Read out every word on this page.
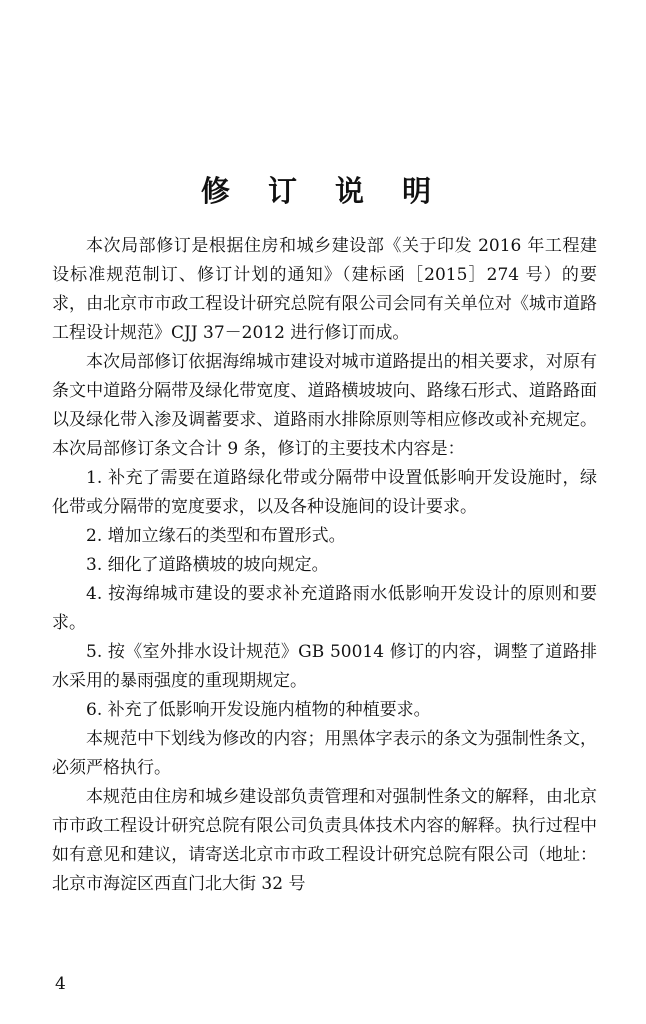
修 订 说 明

本次局部修订是根据住房和城乡建设部《关于印发 2016 年工程建设标准规范制订、修订计划的通知》（建标函［2015］274 号）的要求，由北京市市政工程设计研究总院有限公司会同有关单位对《城市道路工程设计规范》CJJ 37－2012 进行修订而成。

本次局部修订依据海绵城市建设对城市道路提出的相关要求，对原有条文中道路分隔带及绿化带宽度、道路横坡坡向、路缘石形式、道路路面以及绿化带入渗及调蓄要求、道路雨水排除原则等相应修改或补充规定。本次局部修订条文合计 9 条，修订的主要技术内容是：

1. 补充了需要在道路绿化带或分隔带中设置低影响开发设施时，绿化带或分隔带的宽度要求，以及各种设施间的设计要求。

2. 增加立缘石的类型和布置形式。

3. 细化了道路横坡的坡向规定。

4. 按海绵城市建设的要求补充道路雨水低影响开发设计的原则和要求。

5. 按《室外排水设计规范》GB 50014 修订的内容，调整了道路排水采用的暴雨强度的重现期规定。

6. 补充了低影响开发设施内植物的种植要求。

本规范中下划线为修改的内容；用黑体字表示的条文为强制性条文，必须严格执行。

本规范由住房和城乡建设部负责管理和对强制性条文的解释，由北京市市政工程设计研究总院有限公司负责具体技术内容的解释。执行过程中如有意见和建议，请寄送北京市市政工程设计研究总院有限公司（地址：北京市海淀区西直门北大街 32 号

4
